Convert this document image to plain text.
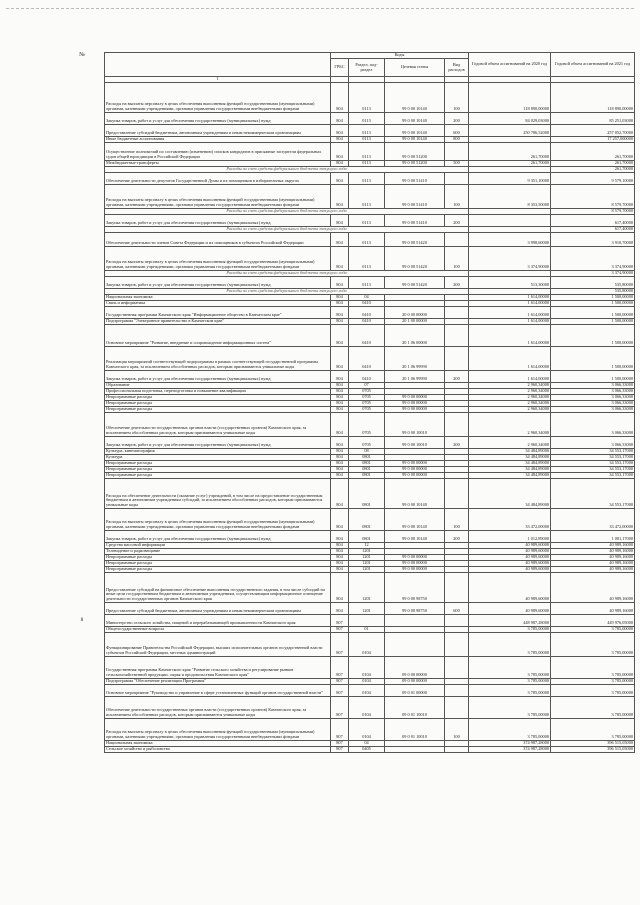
	Коды				Годовой объем ассигнований на 2020 год	Годовой объем ассигнований на 2021 год
	ГРБС	Раздел, под-раздел	Целевая статья	Вид расходов		
1						
Расходы на выплаты персоналу в целях обеспечения выполнения функций государственными (муниципальными) органами, казенными учреждениями, органами управления государственными внебюджетными фондами	804	0113	99 0 00 10140	100	118 890,00000	118 890,00000
Закупка товаров, работ и услуг для обеспечения государственных (муниципальных) нужд	804	0113	99 0 00 10140	200	84 029,03000	85 251,03000
Предоставление субсидий бюджетным, автономным учреждениям и иным некоммерческим организациям	804	0113	99 0 00 10140	600	250 786,52000	257 052,70000
Иные бюджетные ассигнования	804	0113	99 0 00 10140	800		17 257,000000
Осуществление полномочий по составлению (изменению) списков кандидатов в присяжные заседатели федеральных судов общей юрисдикции в Российской Федерации	804	0113	99 0 00 51200		261,70000	261,70000
Межбюджетные трансферты	804	0113	99 0 00 51200	500	261,70000	261,70000
Расходы за счет средств федерального бюджета текущего года						261,70000
Обеспечение деятельности депутатов Государственной Думы и их помощников в избирательных округах	804	0113	99 0 00 51410		9 351,10000	9 579,10000
Расходы на выплаты персоналу в целях обеспечения выполнения функций государственными (муниципальными) органами, казенными учреждениями, органами управления государственными внебюджетными фондами	804	0113	99 0 00 51410	100	8 353,50000	8 579,70000
Расходы за счет средств федерального бюджета текущего года						8 579,70000
Закупка товаров, работ и услуг для обеспечения государственных (муниципальных) нужд	804	0113	99 0 00 51410	200		617,40000
Расходы за счет средств федерального бюджета текущего года						617,40000
Обеспечение деятельности членов Совета Федерации и их помощников в субъектах Российской Федерации	804	0113	99 0 00 51420		3 998,60000	3 910,70000
Расходы на выплаты персоналу в целях обеспечения выполнения функций государственными (муниципальными) органами, казенными учреждениями, органами управления государственными внебюджетными фондами	804	0113	99 0 00 51420	100	3 374,90000	3 374,90000
Расходы за счет средств федерального бюджета текущего года						3 374,90000
Закупка товаров, работ и услуг для обеспечения государственных (муниципальных) нужд	804	0113	99 0 00 51420	200	513,30000	535,80000
Расходы за счет средств федерального бюджета текущего года						535,80000
Национальная экономика	804	04			1 614,00000	1 500,00000
Связь и информатика	804	0410			1 614,00000	1 500,00000
Государственная программа Камчатского края "Информационное общество в Камчатском крае"	804	0410	20 0 00 00000		1 614,00000	1 500,00000
Подпрограмма "Электронное правительство в Камчатском крае"	804	0410	20 1 00 00000		1 614,00000	1 500,00000
Основное мероприятие "Развитие, внедрение и сопровождение информационных систем"	804	0410	20 1 06 00000		1 614,00000	1 500,00000
Реализация мероприятий соответствующей подпрограммы в рамках соответствующей государственной программы Камчатского края, за исключением обособленных расходов, которым присваиваются уникальные коды	804	0410	20 1 06 99990		1 614,00000	1 500,00000
Закупка товаров, работ и услуг для обеспечения государственных (муниципальных) нужд	804	0410	20 1 06 99990	200	1 614,00000	1 500,00000
Образование	804	07			2 960,34000	3 066,33000
Профессиональная подготовка, переподготовка и повышение квалификации	804	0705			2 960,34000	3 066,33000
Непрограммные расходы	804	0705	99 0 00 00000		2 960,34000	3 066,33000
Непрограммные расходы	804	0705	99 0 00 00000		2 960,34000	3 066,33000
Непрограммные расходы	804	0705	99 0 00 00000		2 960,34000	3 066,33000
Обеспечение деятельности государственных органов власти (государственных органов) Камчатского края, за исключением обособленных расходов, которым присваиваются уникальные коды	804	0705	99 0 00 10010		2 960,34000	3 066,33000
Закупка товаров, работ и услуг для обеспечения государственных (муниципальных) нужд	804	0705	99 0 00 10010	200	2 960,34000	3 066,33000
Культура, кинематография	804	08			34 484,89000	34 553,17000
Культура	804	0801			34 484,89000	34 553,17000
Непрограммные расходы	804	0801	99 0 00 00000		34 484,89000	34 553,17000
Непрограммные расходы	804	0801	99 0 00 00000		34 484,89000	34 553,17000
Непрограммные расходы	804	0801	99 0 00 00000		34 484,89000	34 553,17000
Расходы на обеспечение деятельности (оказание услуг) учреждений, в том числе на предоставление государственным бюджетным и автономным учреждениям субсидий, за исключением обособленных расходов, которым присваиваются уникальные коды	804	0801	99 0 00 10140		34 484,89000	34 553,17000
Расходы на выплаты персоналу в целях обеспечения выполнения функций государственными (муниципальными) органами, казенными учреждениями, органами управления государственными внебюджетными фондами	804	0801	99 0 00 10140	100	33 472,00000	33 472,00000
Закупка товаров, работ и услуг для обеспечения государственных (муниципальных) нужд	804	0801	99 0 00 10140	200	1 012,89000	1 081,17000
Средства массовой информации	804	12			40 989,60000	40 989,16000
Телевидение и радиовещание	804	1201			40 989,60000	40 989,16000
Непрограммные расходы	804	1201	99 0 00 00000		40 989,60000	40 989,16000
Непрограммные расходы	804	1201	99 0 00 00000		40 989,60000	40 989,16000
Непрограммные расходы	804	1201	99 0 00 00000		40 989,60000	40 989,16000
Предоставление субсидий на финансовое обеспечение выполнения государственного задания, в том числе субсидий на иные цели государственным бюджетным и автономным учреждениям, осуществляющим информационное освещение деятельности государственных органов Камчатского края	804	1201	99 0 00 98750		40 989,60000	40 989,16000
Предоставление субсидий бюджетным, автономным учреждениям и иным некоммерческим организациям	804	1201	99 0 00 98750	600	40 989,60000	40 989,16000
Министерство сельского хозяйства, пищевой и перерабатывающей промышленности Камчатского края	807				448 987,28000	449 976,05000
Общегосударственные вопросы	807	01			3 785,00000	3 785,00000
Функционирование Правительства Российской Федерации, высших исполнительных органов государственной власти субъектов Российской Федерации, местных администраций	807	0104			3 785,00000	3 785,00000
Государственная программа Камчатского края "Развитие сельского хозяйства и регулирование рынков сельскохозяйственной продукции, сырья и продовольствия Камчатского края"	807	0104	09 0 00 00000		3 785,00000	3 785,00000
Подпрограмма "Обеспечение реализации Программы"	807	0104	09 0 00 00000		3 785,00000	3 785,00000
Основное мероприятие "Руководство и управление в сфере установленных функций органов государственной власти"	807	0104	09 0 01 00000		3 785,00000	3 785,00000
Обеспечение деятельности государственных органов власти (государственных органов) Камчатского края, за исключением обособленных расходов, которым присваиваются уникальные коды	807	0104	09 0 01 10010		3 785,00000	3 785,00000
Расходы на выплаты персоналу в целях обеспечения выполнения функций государственными (муниципальными) органами, казенными учреждениями, органами управления государственными внебюджетными фондами	807	0104	09 0 01 10010	100	3 785,00000	3 785,00000
Национальная экономика	807	04			374 987,28000	396 515,05000
Сельское хозяйство и рыболовство	807	0405			374 987,28000	396 515,05000
№
8
